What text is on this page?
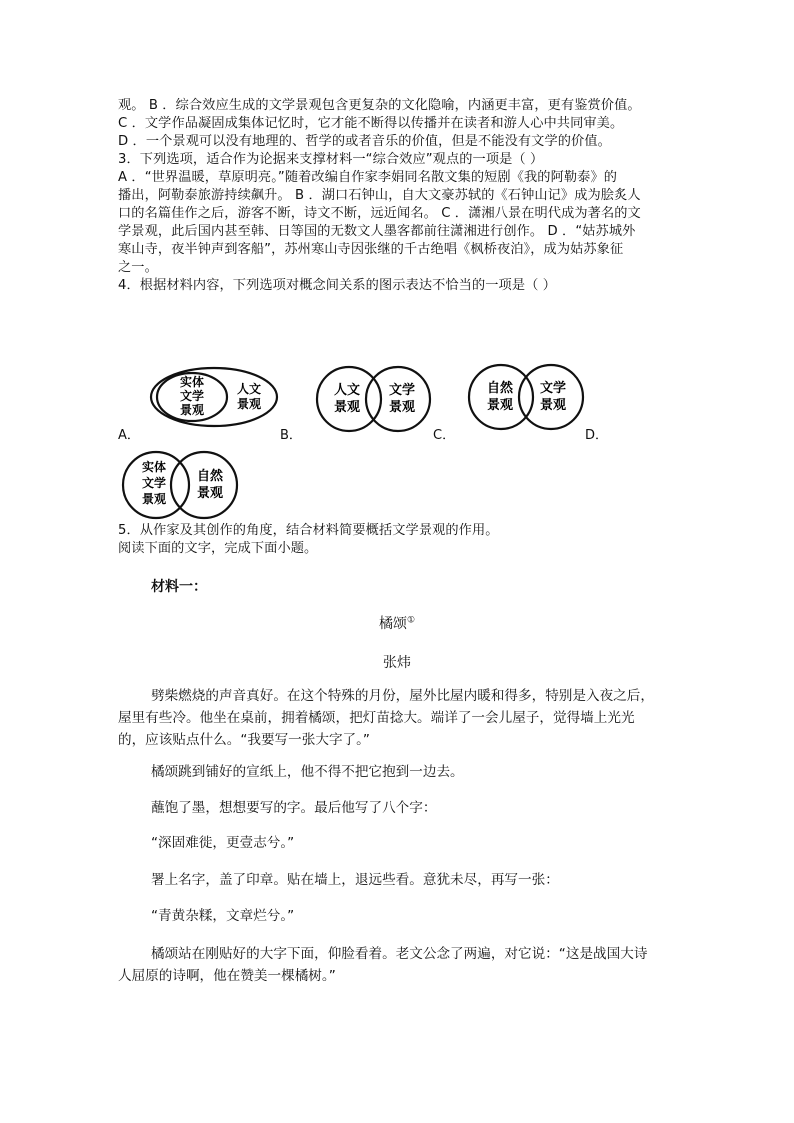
观。 B ．综合效应生成的文学景观包含更复杂的文化隐喻，内涵更丰富，更有鉴赏价值。
C ．文学作品凝固成集体记忆时，它才能不断得以传播并在读者和游人心中共同审美。
D ．一个景观可以没有地理的、哲学的或者音乐的价值，但是不能没有文学的价值。
3．下列选项，适合作为论据来支撑材料一“综合效应”观点的一项是（ ）
A ．“世界温暖，草原明亮。”随着改编自作家李娟同名散文集的短剧《我的阿勒泰》的
播出，阿勒泰旅游持续飙升。 B ．湖口石钟山，自大文豪苏轼的《石钟山记》成为脍炙人
口的名篇佳作之后，游客不断，诗文不断，远近闻名。 C ．潇湘八景在明代成为著名的文
学景观，此后国内甚至韩、日等国的无数文人墨客都前往潇湘进行创作。 D ．“姑苏城外
寒山寺，夜半钟声到客船”，苏州寒山寺因张继的千古绝唱《枫桥夜泊》，成为姑苏象征
之一。
4．根据材料内容，下列选项对概念间关系的图示表达不恰当的一项是（ ）
实体
文学
景观
人文
景观
A．
人文
景观
文学
景观
B．
自然
景观
文学
景观
C．	D．
实体
文学
景观
自然
景观
5．从作家及其创作的角度，结合材料简要概括文学景观的作用。
阅读下面的文字，完成下面小题。
材料一：
橘颂①
张炜
劈柴燃烧的声音真好。在这个特殊的月份，屋外比屋内暖和得多，特别是入夜之后，
屋里有些冷。他坐在桌前，拥着橘颂，把灯苗捻大。端详了一会儿屋子，觉得墙上光光
的，应该贴点什么。“我要写一张大字了。”
橘颂跳到铺好的宣纸上，他不得不把它抱到一边去。
蘸饱了墨，想想要写的字。最后他写了八个字：
“深固难徙，更壹志兮。”
署上名字，盖了印章。贴在墙上，退远些看。意犹未尽，再写一张：
“青黄杂糅，文章烂兮。”
橘颂站在刚贴好的大字下面，仰脸看着。老文公念了两遍，对它说：“这是战国大诗
人屈原的诗啊，他在赞美一棵橘树。”
